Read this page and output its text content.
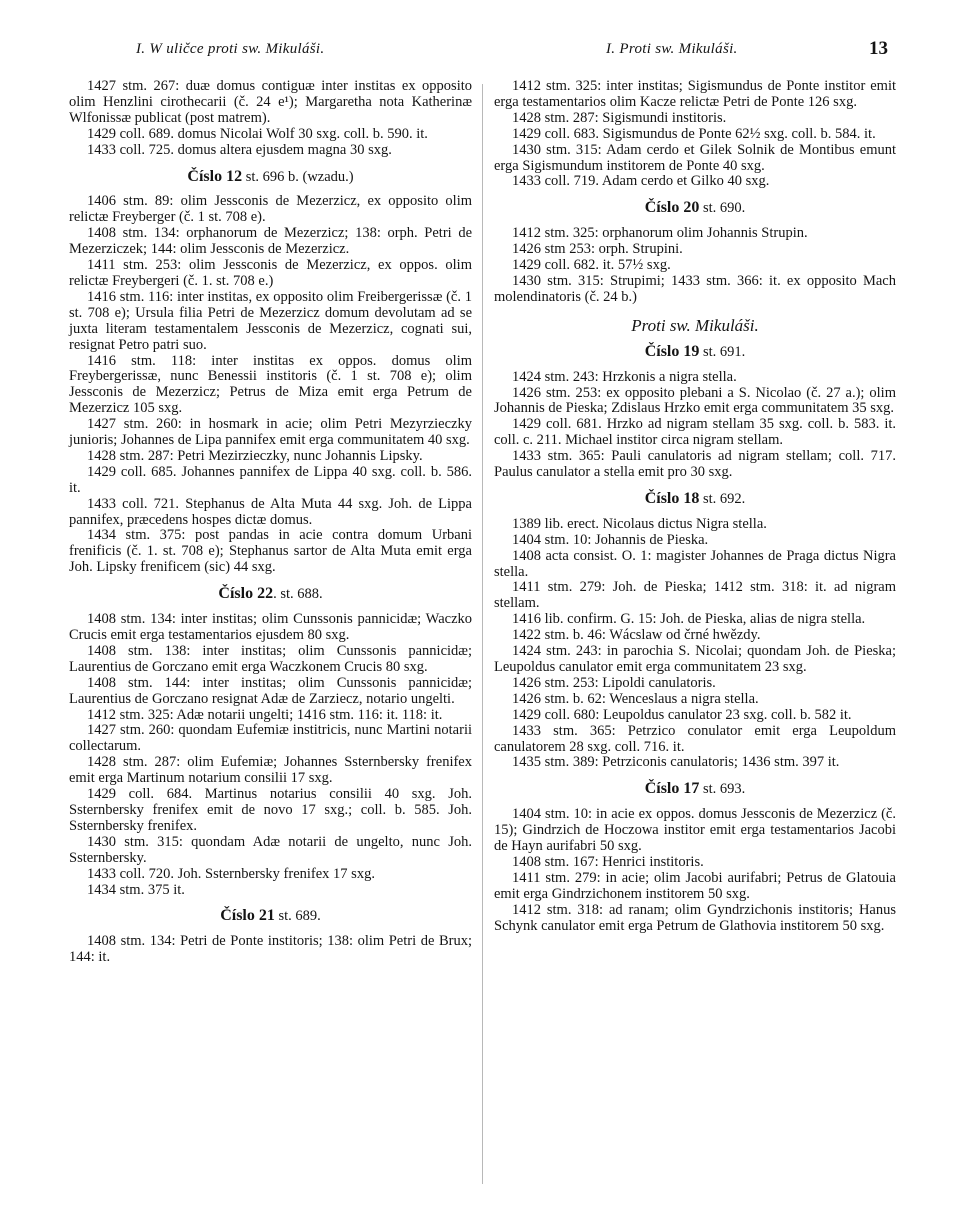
I. W uličce proti sw. Mikuláši.	I. Proti sw. Mikuláši.	13

1427 stm. 267: duæ domus contiguæ inter institas ex opposito olim Henzlini cirothecarii (č. 24 e¹); Margaretha nota Katherinæ Wlfonissæ publicat (post matrem).

1429 coll. 689. domus Nicolai Wolf 30 sxg. coll. b. 590. it.

1433 coll. 725. domus altera ejusdem magna 30 sxg.

Číslo 12 st. 696 b. (wzadu.)

1406 stm. 89: olim Jessconis de Mezerzicz, ex opposito olim relictæ Freyberger (č. 1 st. 708 e).

1408 stm. 134: orphanorum de Mezerzicz; 138: orph. Petri de Mezerziczek; 144: olim Jessconis de Mezerzicz.

1411 stm. 253: olim Jessconis de Mezerzicz, ex oppos. olim relictæ Freybergeri (č. 1. st. 708 e.)

1416 stm. 116: inter institas, ex opposito olim Freibergerissæ (č. 1 st. 708 e); Ursula filia Petri de Mezerzicz domum devolutam ad se juxta literam testamentalem Jessconis de Mezerzicz, cognati sui, resignat Petro patri suo.

1416 stm. 118: inter institas ex oppos. domus olim Freybergerissæ, nunc Benessii institoris (č. 1 st. 708 e); olim Jessconis de Mezerzicz; Petrus de Miza emit erga Petrum de Mezerzicz 105 sxg.

1427 stm. 260: in hosmark in acie; olim Petri Mezyrzieczky junioris; Johannes de Lipa pannifex emit erga communitatem 40 sxg.

1428 stm. 287: Petri Mezirzieczky, nunc Johannis Lipsky.

1429 coll. 685. Johannes pannifex de Lippa 40 sxg. coll. b. 586. it.

1433 coll. 721. Stephanus de Alta Muta 44 sxg. Joh. de Lippa pannifex, præcedens hospes dictæ domus.

1434 stm. 375: post pandas in acie contra domum Urbani frenificis (č. 1. st. 708 e); Stephanus sartor de Alta Muta emit erga Joh. Lipsky frenificem (sic) 44 sxg.

Číslo 22. st. 688.

1408 stm. 134: inter institas; olim Cunssonis pannicidæ; Waczko Crucis emit erga testamentarios ejusdem 80 sxg.

1408 stm. 138: inter institas; olim Cunssonis pannicidæ; Laurentius de Gorczano emit erga Waczkonem Crucis 80 sxg.

1408 stm. 144: inter institas; olim Cunssonis pannicidæ; Laurentius de Gorczano resignat Adæ de Zarziecz, notario ungelti.

1412 stm. 325: Adæ notarii ungelti; 1416 stm. 116: it. 118: it.

1427 stm. 260: quondam Eufemiæ institricis, nunc Martini notarii collectarum.

1428 stm. 287: olim Eufemiæ; Johannes Ssternbersky frenifex emit erga Martinum notarium consilii 17 sxg.

1429 coll. 684. Martinus notarius consilii 40 sxg. Joh. Ssternbersky frenifex emit de novo 17 sxg.; coll. b. 585. Joh. Ssternbersky frenifex.

1430 stm. 315: quondam Adæ notarii de ungelto, nunc Joh. Ssternbersky.

1433 coll. 720. Joh. Ssternbersky frenifex 17 sxg.

1434 stm. 375 it.

Číslo 21 st. 689.

1408 stm. 134: Petri de Ponte institoris; 138: olim Petri de Brux; 144: it.

1412 stm. 325: inter institas; Sigismundus de Ponte institor emit erga testamentarios olim Kacze relictæ Petri de Ponte 126 sxg.

1428 stm. 287: Sigismundi institoris.

1429 coll. 683. Sigismundus de Ponte 62½ sxg. coll. b. 584. it.

1430 stm. 315: Adam cerdo et Gilek Solnik de Montibus emunt erga Sigismundum institorem de Ponte 40 sxg.

1433 coll. 719. Adam cerdo et Gilko 40 sxg.

Číslo 20 st. 690.

1412 stm. 325: orphanorum olim Johannis Strupin.

1426 stm 253: orph. Strupini.

1429 coll. 682. it. 57½ sxg.

1430 stm. 315: Strupimi; 1433 stm. 366: it. ex opposito Mach molendinatoris (č. 24 b.)

Proti sw. Mikuláši.
Číslo 19 st. 691.

1424 stm. 243: Hrzkonis a nigra stella.

1426 stm. 253: ex opposito plebani a S. Nicolao (č. 27 a.); olim Johannis de Pieska; Zdislaus Hrzko emit erga communitatem 35 sxg.

1429 coll. 681. Hrzko ad nigram stellam 35 sxg. coll. b. 583. it. coll. c. 211. Michael institor circa nigram stellam.

1433 stm. 365: Pauli canulatoris ad nigram stellam; coll. 717. Paulus canulator a stella emit pro 30 sxg.

Číslo 18 st. 692.

1389 lib. erect. Nicolaus dictus Nigra stella.

1404 stm. 10: Johannis de Pieska.

1408 acta consist. O. 1: magister Johannes de Praga dictus Nigra stella.

1411 stm. 279: Joh. de Pieska; 1412 stm. 318: it. ad nigram stellam.

1416 lib. confirm. G. 15: Joh. de Pieska, alias de nigra stella.

1422 stm. b. 46: Wácslaw od črné hwězdy.

1424 stm. 243: in parochia S. Nicolai; quondam Joh. de Pieska; Leupoldus canulator emit erga communitatem 23 sxg.

1426 stm. 253: Lipoldi canulatoris.

1426 stm. b. 62: Wenceslaus a nigra stella.

1429 coll. 680: Leupoldus canulator 23 sxg. coll. b. 582 it.

1433 stm. 365: Petrzico conulator emit erga Leupoldum canulatorem 28 sxg. coll. 716. it.

1435 stm. 389: Petrziconis canulatoris; 1436 stm. 397 it.

Číslo 17 st. 693.

1404 stm. 10: in acie ex oppos. domus Jessconis de Mezerzicz (č. 15); Gindrzich de Hoczowa institor emit erga testamentarios Jacobi de Hayn aurifabri 50 sxg.

1408 stm. 167: Henrici institoris.

1411 stm. 279: in acie; olim Jacobi aurifabri; Petrus de Glatouia emit erga Gindrzichonem institorem 50 sxg.

1412 stm. 318: ad ranam; olim Gyndrzichonis institoris; Hanus Schynk canulator emit erga Petrum de Glathovia institorem 50 sxg.
